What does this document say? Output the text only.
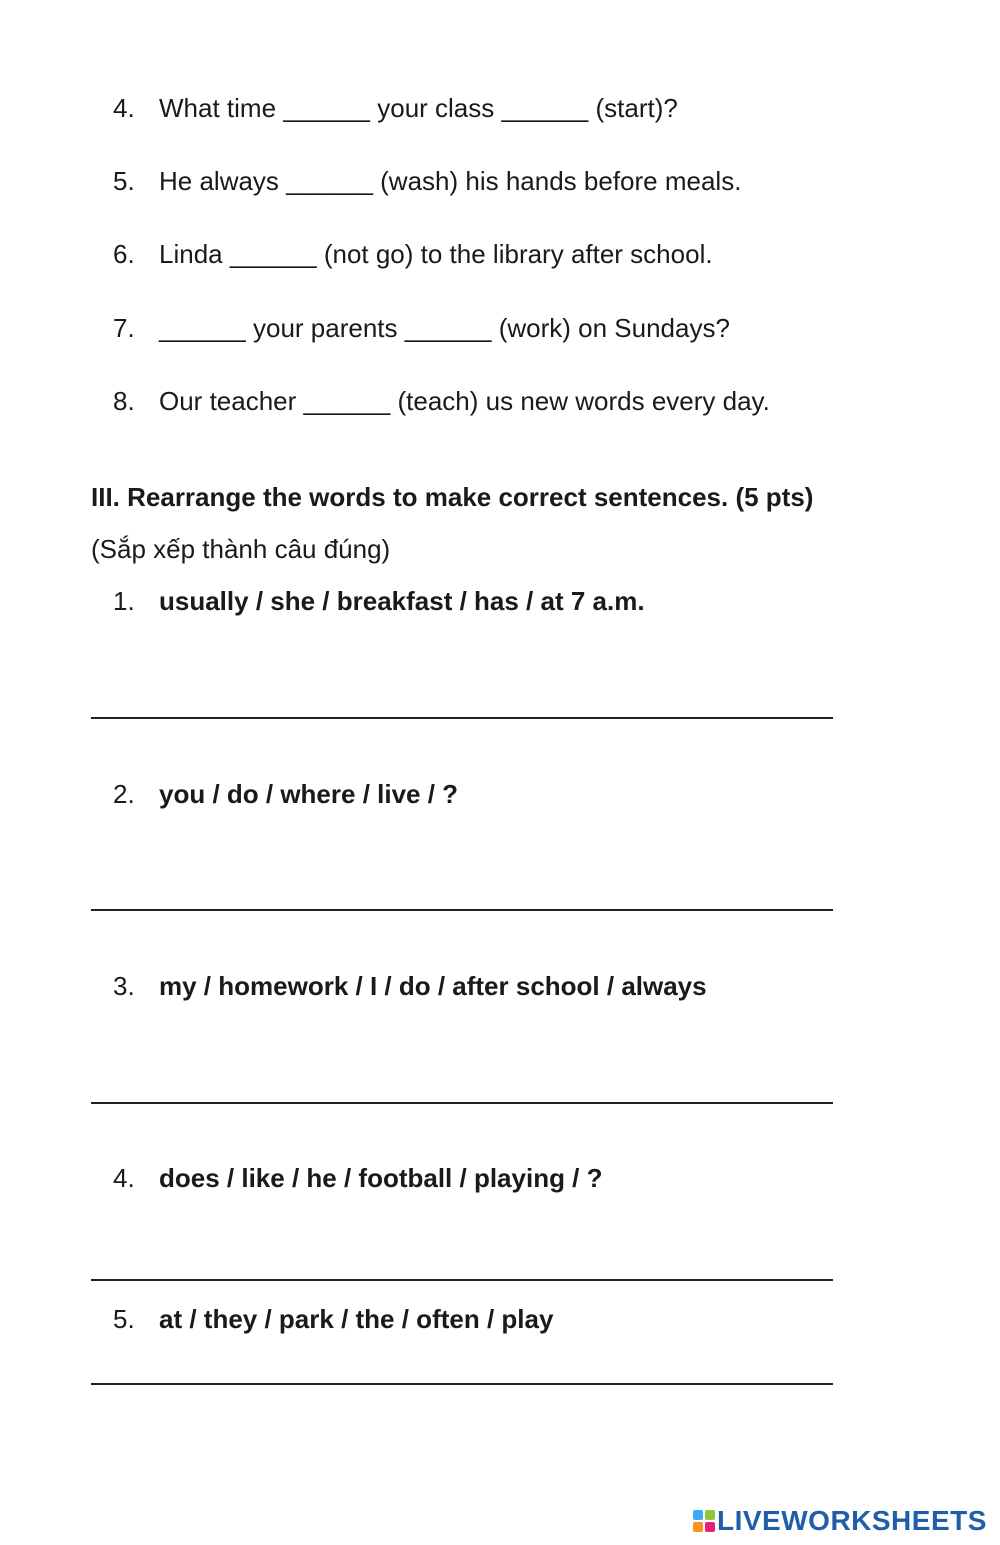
4. What time ______ your class ______ (start)?
5. He always ______ (wash) his hands before meals.
6. Linda ______ (not go) to the library after school.
7. ______ your parents ______ (work) on Sundays?
8. Our teacher ______ (teach) us new words every day.
III. Rearrange the words to make correct sentences. (5 pts)
(Sắp xếp thành câu đúng)
1. usually / she / breakfast / has / at 7 a.m.
2. you / do / where / live / ?
3. my / homework / I / do / after school / always
4. does / like / he / football / playing / ?
5. at / they / park / the / often / play
LIVEWORKSHEETS
